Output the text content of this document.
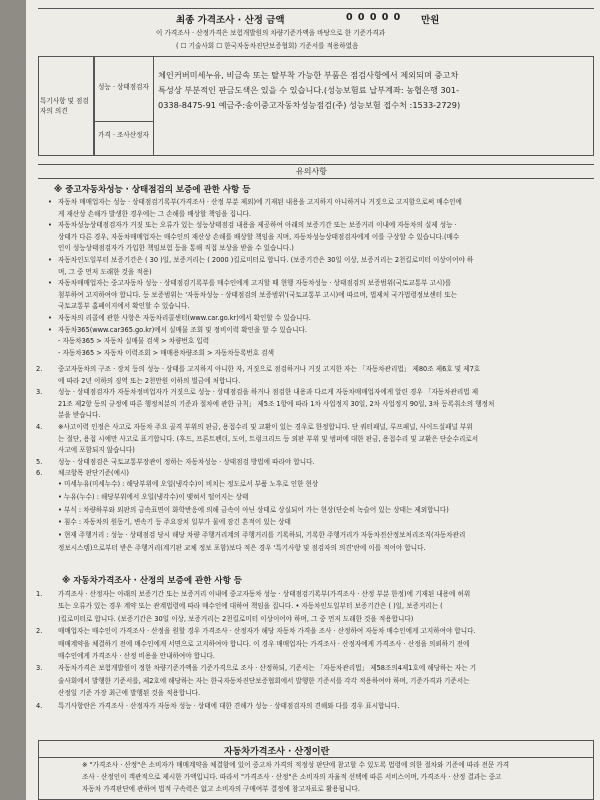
최종 가격조사 · 산정 금액	0 0 0 0 0 만원
이 가격조사 · 산정가격은 보험개발원의 차량기준가액을 바탕으로 한 기준가격과
( ☐ 기술사회 ☐ 한국자동차진단보증협회) 기준서를 적용하였음
특기사항 및 점검자의 의견
성능 · 상태점검자
체인커버미세누유, 비금속 또는 탈부착 가능한 부품은 점검사항에서 제외되며 중고차
특성상 부분적인 판금도색은 있을 수 있습니다.(성능보험료 납부계좌: 농협은행 301-
0338-8475-91 예금주:송이중고자동차성능점검(주) 성능보험 접수처 :1533-2729)
가격 · 조사산정자
유의사항
※ 중고자동차성능 · 상태점검의 보증에 관한 사항 등
• 자동차 매매업자는 성능 · 상태점검기록부(가격조사 · 산정 부분 제외)에 기재된 내용을 고지하지 아니하거나 거짓으로 고지함으로써 매수인에
게 재산상 손해가 발생한 경우에는 그 손해를 배상할 책임을 집니다.
• 자동차성능상태점검자가 거짓 또는 오류가 있는 성능상태점검 내용을 제공하여 아래의 보증기간 또는 보증거리 이내에 자동차의 실제 성능 ·
상태가 다른 경우, 자동차매매업자는 매수인의 재산상 손해를 배상할 책임을 지며, 자동차성능상태점검자에게 이를 구상할 수 있습니다.(매수
인이 성능상태점검자가 가입한 책임보험 등을 통해 직접 보상을 받을 수 있습니다.)
• 자동차인도일부터 보증기간은 ( 30 )일, 보증거리는 ( 2000 )킬로미터로 합니다. (보증기간은 30일 이상, 보증거리는 2천킬로미터 이상이어야 하
며, 그 중 먼저 도래한 것을 적용)
• 자동차매매업자는 중고자동차 성능 · 상태점검기록부를 매수인에게 고지할 때 현행 자동차성능 · 상태점검의 보증범위(국토교통부 고시)를
첨부하여 고지하여야 합니다. 등 보증범위는 '자동차성능 · 상태점검의 보증범위'(국토교통부 고시)에 따르며, 법제처 국가법령정보센터 또는
국토교통부 홈페이지에서 확인할 수 있습니다.
• 자동차의 리콜에 관한 사항은 자동차리콜센터(www.car.go.kr)에서 확인할 수 있습니다.
• 자동차365(www.car365.go.kr)에서 실매물 조회 및 정비이력 확인을 할 수 있습니다.
- 자동차365 > 자동차 실매물 검색 > 차량번호 입력
- 자동차365 > 자동차 이력조회 > 매매용차량조회 > 자동차등록번호 검색
2. 중고자동차의 구조 · 장치 등의 성능 · 상태를 고지하지 아니한 자, 거짓으로 점검하거나 거짓 고지한 자는 「자동차관리법」 제80조 제6호 및 제7호
에 따라 2년 이하의 징역 또는 2천만원 이하의 벌금에 처합니다.
3. 성능 · 상태점검자가 자동차정비업자가 거짓으로 성능 · 상태점검을 하거나 점검한 내용과 다르게 자동차매매업자에게 알린 경우 「자동차관리법 제
21조 제2항 등의 규정에 따른 행정처분의 기준과 절차에 관한 규칙」 제5조 1항에 따라 1차 사업정지 30일, 2차 사업정지 90일, 3차 등록취소의 행정처
분을 받습니다.
4. ※사고이력 인정은 사고로 자동차 주요 골격 부위의 판금, 용접수리 및 교환이 있는 경우로 한정합니다. 단 쿼터패널, 루프패널, 사이드실패널 부위
는 절단, 용접 시에만 사고로 표기합니다. (후드, 프론트펜더, 도어, 트렁크리드 등 외판 부위 및 범퍼에 대한 판금, 용접수리 및 교환은 단순수리로서
사고에 포함되지 않습니다)
5. 성능 · 상태점검은 국토교통부장관이 정하는 자동차성능 · 상태점검 방법에 따라야 합니다.
6. 체크항목 판단기준(예시)
• 미세누유(미세누수) : 해당부위에 오일(냉각수)이 비치는 정도로서 부품 노후로 인한 현상
• 누유(누수) : 해당부위에서 오일(냉각수)이 맺혀서 떨어지는 상태
• 부식 : 차량하부와 외판의 금속표면이 화학반응에 의해 금속이 아닌 상태로 상실되어 가는 현상(단순히 녹슬어 있는 상태는 제외합니다)
• 침수 : 자동차의 원동기, 변속기 등 주요장치 일부가 물에 잠긴 흔적이 있는 상태
• 현재 주행거리 : 성능 · 상태점검 당시 해당 차량 주행거리계의 주행거리를 기록하되, 기록한 주행거리가 자동차전산정보처리조직(자동차관리
정보시스템)으로부터 받은 주행거리(계기판 교체 정보 포함)보다 적은 경우 '특기사항 및 점검자의 의견'란에 이를 적어야 합니다.
※ 자동차가격조사 · 산정의 보증에 관한 사항 등
1. 가격조사 · 산정자는 아래의 보증기간 또는 보증거리 이내에 중고자동차 성능 · 상태점검기록부(가격조사 · 산정 부분 한정)에 기재된 내용에 허위
또는 오류가 있는 경우 계약 또는 관계법령에 따라 매수인에 대하여 책임을 집니다. • 자동차인도일부터 보증기간은 ( )일, 보증거리는 (
)킬로미터로 합니다. (보증기간은 30일 이상, 보증거리는 2천킬로미터 이상이어야 하며, 그 중 먼저 도래한 것을 적용합니다)
2. 매매업자는 매수인이 가격조사 · 산정을 원할 경우 가격조사 · 산정자가 해당 자동차 가격을 조사 · 산정하여 자동차 매수인에게 고지하여야 합니다.
매매계약을 체결하기 전에 매수인에게 서면으로 고지하여야 합니다. 이 경우 매매업자는 가격조사 · 산정자에게 가격조사 · 산정을 의뢰하기 전에
매수인에게 가격조사 · 산정 비용을 안내하여야 합니다.
3. 자동차가격은 보험개발원이 정한 차량기준가액을 기준가격으로 조사 · 산정하되, 기준서는 「자동차관리법」 제58조의4제1호에 해당하는 자는 기
술사회에서 발행한 기준서를, 제2호에 해당하는 자는 한국자동차진단보증협회에서 발행한 기준서를 각각 적용하여야 하며, 기준가격과 기준서는
산정일 기준 가장 최근에 발행된 것을 적용합니다.
4. 특기사항란은 가격조사 · 산정자가 자동차 성능 · 상태에 대한 견해가 성능 · 상태점검자의 견해와 다를 경우 표시합니다.
자동차가격조사 · 산정이란
※ "가격조사 · 산정"은 소비자가 매매계약을 체결함에 있어 중고차 가격의 적정성 판단에 참고할 수 있도록 법령에 의한 절차와 기준에 따라 전문 가격
조사 · 산정인이 객관적으로 제시한 가액입니다. 따라서 "가격조사 · 산정"은 소비자의 자율적 선택에 따른 서비스이며, 가격조사 · 산정 결과는 중고
자동차 가격판단에 관하여 법적 구속력은 없고 소비자의 구매여부 결정에 참고자료로 활용됩니다.
